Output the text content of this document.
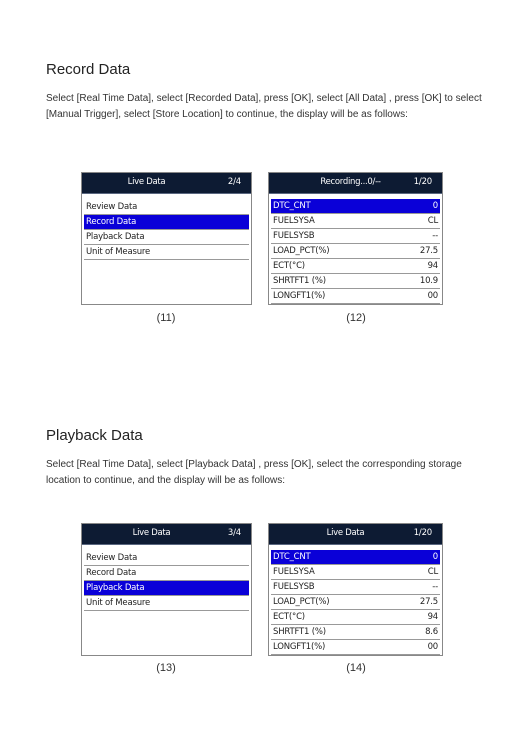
Record Data

Select [Real Time Data], select [Recorded Data], press [OK], select [All Data] , press [OK] to select [Manual Trigger], select [Store Location] to continue, the display will be as follows:

Live Data	2/4
Review Data
Record Data
Playback Data
Unit of Measure
(11)
Recording...0/--	1/20
DTC_CNT	0
FUELSYSA	CL
FUELSYSB	--
LOAD_PCT(%)	27.5
ECT(°C)	94
SHRTFT1 (%)	10.9
LONGFT1(%)	00
(12)
Playback Data

Select [Real Time Data], select [Playback Data] , press [OK], select the corresponding storage location to continue, and the display will be as follows:

Live Data	3/4
Review Data
Record Data
Playback Data
Unit of Measure
(13)
Live Data	1/20
DTC_CNT	0
FUELSYSA	CL
FUELSYSB	--
LOAD_PCT(%)	27.5
ECT(°C)	94
SHRTFT1 (%)	8.6
LONGFT1(%)	00
(14)
